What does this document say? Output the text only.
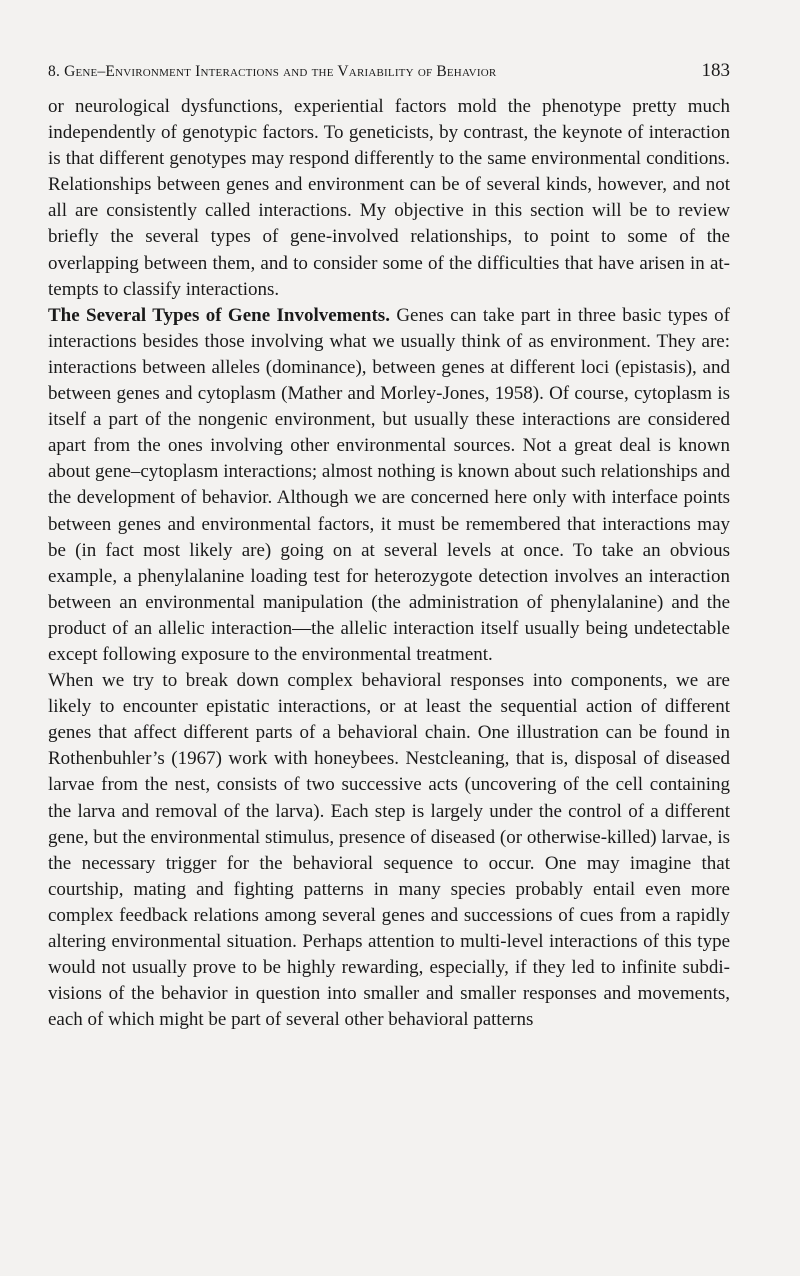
8. Gene–Environment Interactions and the Variability of Behavior	183

or neurological dysfunctions, experiential factors mold the phenotype pretty much independently of genotypic factors. To geneticists, by contrast, the keynote of interaction is that different genotypes may respond differently to the same environmental conditions. Relationships between genes and environment can be of several kinds, however, and not all are consistently called interactions. My objective in this section will be to review briefly the several types of gene-involved relationships, to point to some of the overlapping between them, and to consider some of the difficulties that have arisen in attempts to classify interactions.

The Several Types of Gene Involvements. Genes can take part in three basic types of interactions besides those involving what we usually think of as environment. They are: interactions between alleles (dominance), between genes at different loci (epistasis), and between genes and cytoplasm (Mather and Morley-Jones, 1958). Of course, cytoplasm is itself a part of the nongenic environment, but usually these interactions are considered apart from the ones involving other environmental sources. Not a great deal is known about gene–cytoplasm interactions; almost nothing is known about such relationships and the development of behavior. Although we are concerned here only with interface points between genes and environmental factors, it must be remembered that interactions may be (in fact most likely are) going on at several levels at once. To take an obvious example, a phenylalanine loading test for heterozygote detection involves an interaction between an environmental manipulation (the administration of phenylalanine) and the product of an allelic interaction—the allelic interaction itself usually being undetectable except following exposure to the environmental treatment.

When we try to break down complex behavioral responses into components, we are likely to encounter epistatic interactions, or at least the sequential action of different genes that affect different parts of a behavioral chain. One illustration can be found in Rothenbuhler’s (1967) work with honeybees. Nestcleaning, that is, disposal of diseased larvae from the nest, consists of two successive acts (uncovering of the cell containing the larva and removal of the larva). Each step is largely under the control of a different gene, but the environmental stimulus, presence of diseased (or otherwise-killed) larvae, is the necessary trigger for the behavioral sequence to occur. One may imagine that courtship, mating and fighting patterns in many species probably entail even more complex feedback relations among several genes and successions of cues from a rapidly altering environmental situation. Perhaps attention to multi-level interactions of this type would not usually prove to be highly rewarding, especially, if they led to infinite subdivisions of the behavior in question into smaller and smaller responses and movements, each of which might be part of several other behavioral patterns
